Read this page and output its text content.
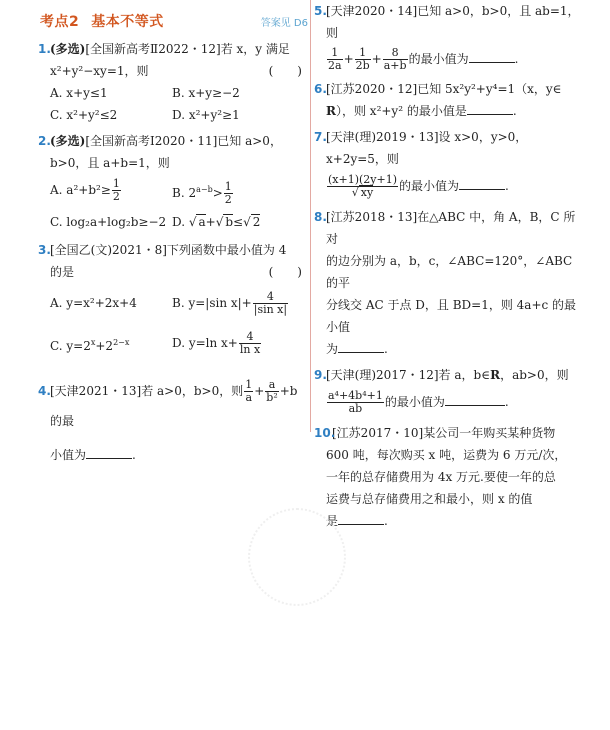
考点2 基本不等式	答案见 D6
1. (多选)[全国新高考Ⅱ2022・12]若 x，y 满足
(　　)
x²+y²−xy=1，则
A. x+y≤1	B. x+y≥−2
C. x²+y²≤2	D. x²+y²≥1
2. (多选)[全国新高考Ⅰ2020・11]已知 a>0，
b>0，且 a+b=1，则
A. $a^2+b^2\ge \frac{1}{2}$	B. $2^{a-b}> \frac{1}{2}$
C. log₂a+log₂b≥−2 D. √ a+√ b≤√ 2
3. [全国乙(文)2021・8]下列函数中最小值为 4
(　　)
的是
A. y=x²+2x+4	B. y=|sin $x|+ \frac{4}{\text{|sin x|}}$
C. $y=2^x+2^{2-x}$	D. y=ln $x+ \frac{4}{\text{ln x}}$
4. [天津2021・13]若 a>0，b>0，则 $\frac{1}{a} + \frac{a}{\text{b²}} +b$ 的最
小值为	.
5. [天津2020・14]已知 a>0，b>0，且 ab=1，则
$\frac{1}{2a} + \frac{1}{2b} + \frac{8}{a+b}$ 的最小值为	.
6. [江苏2020・12]已知 5x²y²+y⁴=1（x，y∈
R），则 x²+y² 的最小值是	.
7. [天津(理)2019・13]设 x>0，y>0，x+2y=5，则
$\frac{(x+1)(2y+1)}{√ xy}$ 的最小值为	.
8. [江苏2018・13]在△ABC 中，角 A，B，C 所对
的边分别为 a，b，c，∠ABC=120°，∠ABC 的平
分线交 AC 于点 D，且 BD=1，则 4a+c 的最小值
为	.
9. [天津(理)2017・12]若 a，b∈R，ab>0，则
$\frac{\text{a⁴+4b⁴+1}}{ab}$ 的最小值为	.
10.
[江苏2017・10]某公司一年购买某种货物
600 吨，每次购买 x 吨，运费为 6 万元/次，
一年的总存储费用为 4x 万元.要使一年的总
运费与总存储费用之和最小，则 x 的值
是	.
